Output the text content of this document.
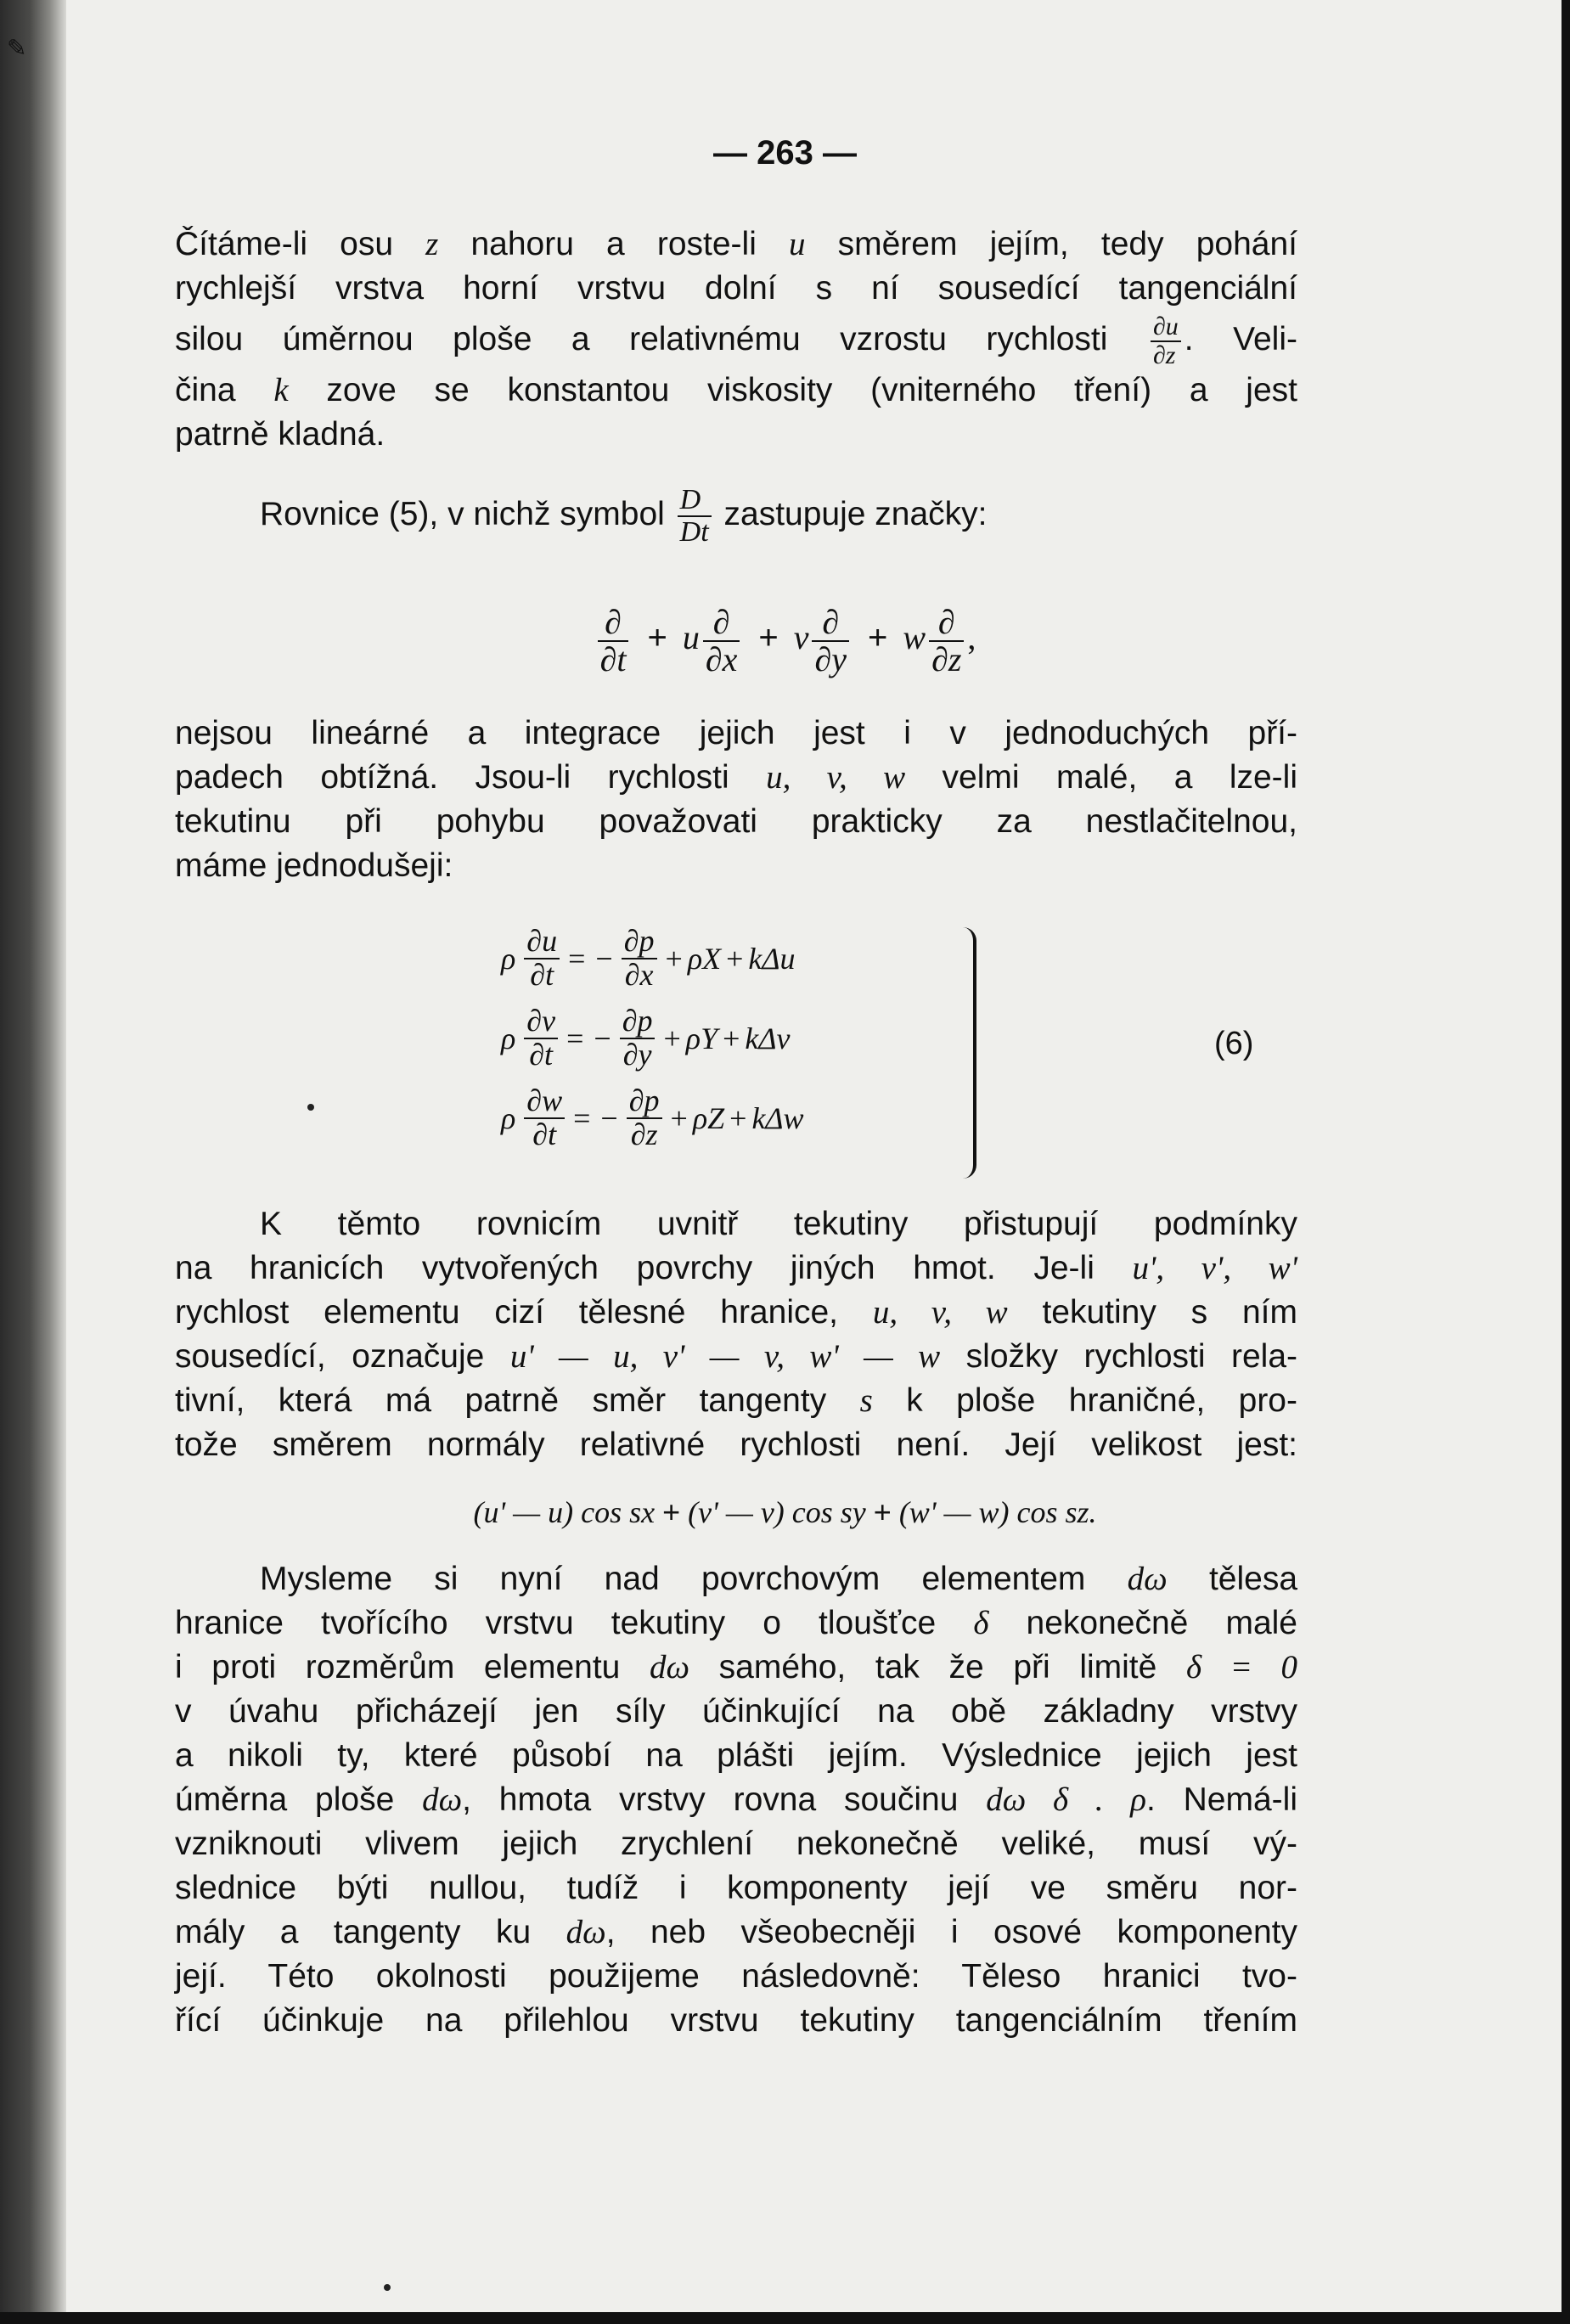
✎
— 263 —
Čítáme-li osu z nahoru a roste-li u směrem jejím, tedy pohání
rychlejší vrstva horní vrstvu dolní s ní sousedící tangenciální
silou úměrnou ploše a relativnému vzrostu rychlosti $\frac{\partial u}{\partial z}$ . Veli-
čina k zove se konstantou viskosity (vniterného tření) a jest
patrně kladná.
Rovnice (5), v nichž symbol $\frac{D}{Dt}$ zastupuje značky:
$\frac{\partial}{\partial t} + u \frac{\partial}{\partial x} + v \frac{\partial}{\partial y} + w \frac{\partial}{\partial z}$ ,
nejsou lineárné a integrace jejich jest i v jednoduchých pří-
padech obtížná. Jsou-li rychlosti u, v, w velmi malé, a lze-li
tekutinu při pohybu považovati prakticky za nestlačitelnou,
máme jednodušeji:
ρ $\frac{\partial u}{\partial t}$ = − $\frac{\partial p}{\partial x} + \rho X + k\Delta u$
ρ $\frac{\partial v}{\partial t}$ = − $\frac{\partial p}{\partial y} + \rho Y + k\Delta v$
ρ $\frac{\partial w}{\partial t}$ = − $\frac{\partial p}{\partial z} + \rho Z + k\Delta w$
(6)
K těmto rovnicím uvnitř tekutiny přistupují podmínky
na hranicích vytvořených povrchy jiných hmot. Je-li u', v', w'
rychlost elementu cizí tělesné hranice, u, v, w tekutiny s ním
sousedící, označuje u' — u, v' — v, w' — w složky rychlosti rela-
tivní, která má patrně směr tangenty s k ploše hraničné, pro-
tože směrem normály relativné rychlosti není. Její velikost jest:
(u' — u) cos sx + (v' — v) cos sy + (w' — w) cos sz.
Mysleme si nyní nad povrchovým elementem dω tělesa
hranice tvořícího vrstvu tekutiny o tloušťce δ nekonečně malé
i proti rozměrům elementu dω samého, tak že při limitě δ = 0
v úvahu přicházejí jen síly účinkující na obě základny vrstvy
a nikoli ty, které působí na plášti jejím. Výslednice jejich jest
úměrna ploše dω, hmota vrstvy rovna součinu dω δ . ρ. Nemá-li
vzniknouti vlivem jejich zrychlení nekonečně veliké, musí vý-
slednice býti nullou, tudíž i komponenty její ve směru nor-
mály a tangenty ku dω, neb všeobecněji i osové komponenty
její. Této okolnosti použijeme následovně: Těleso hranici tvo-
řící účinkuje na přilehlou vrstvu tekutiny tangenciálním třením
